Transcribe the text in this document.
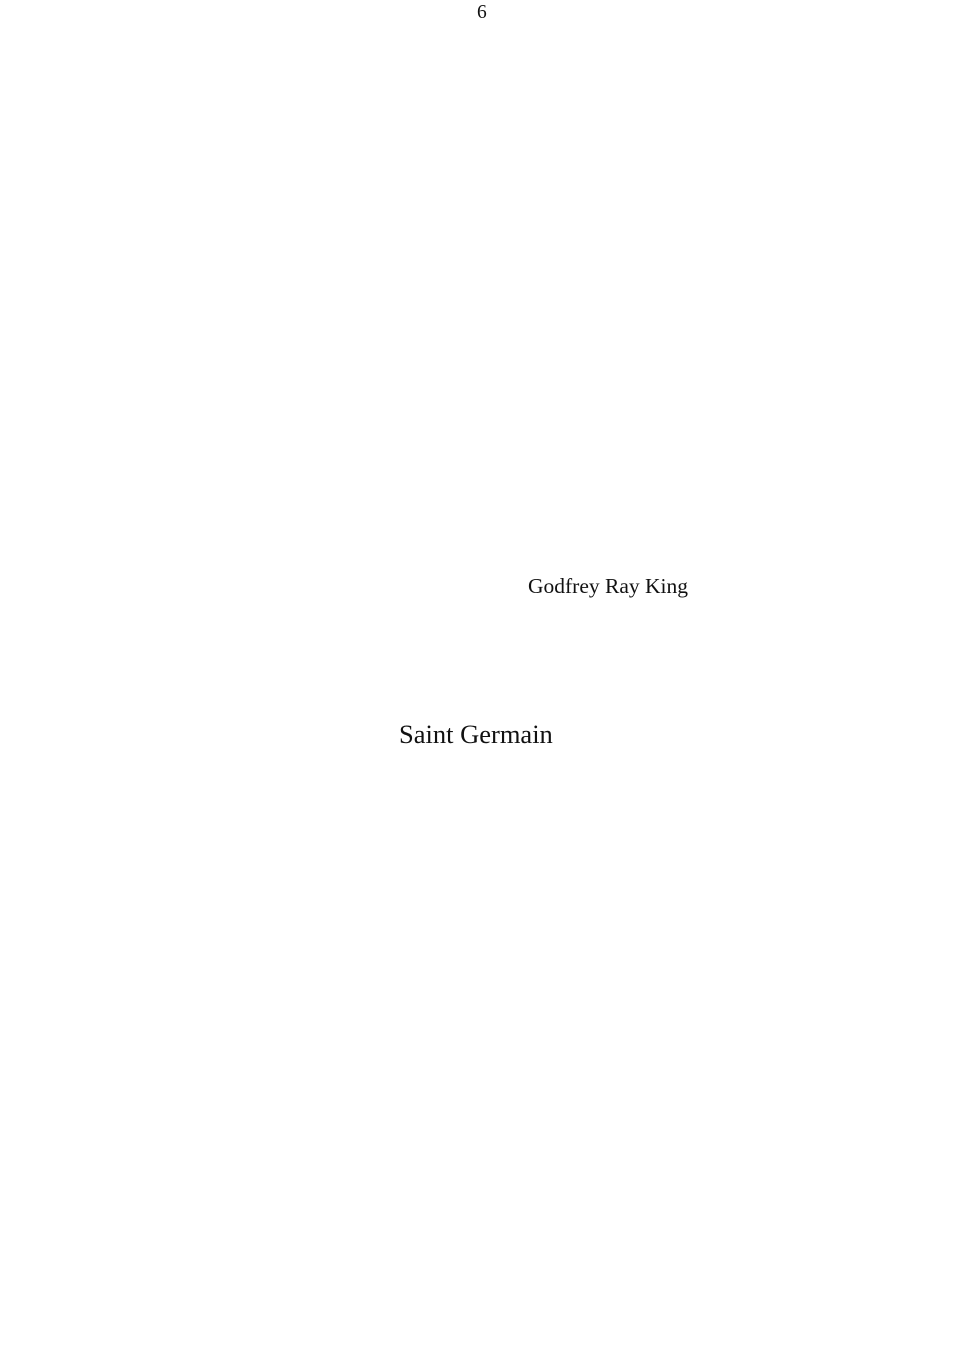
6
Godfrey Ray King
Saint Germain
